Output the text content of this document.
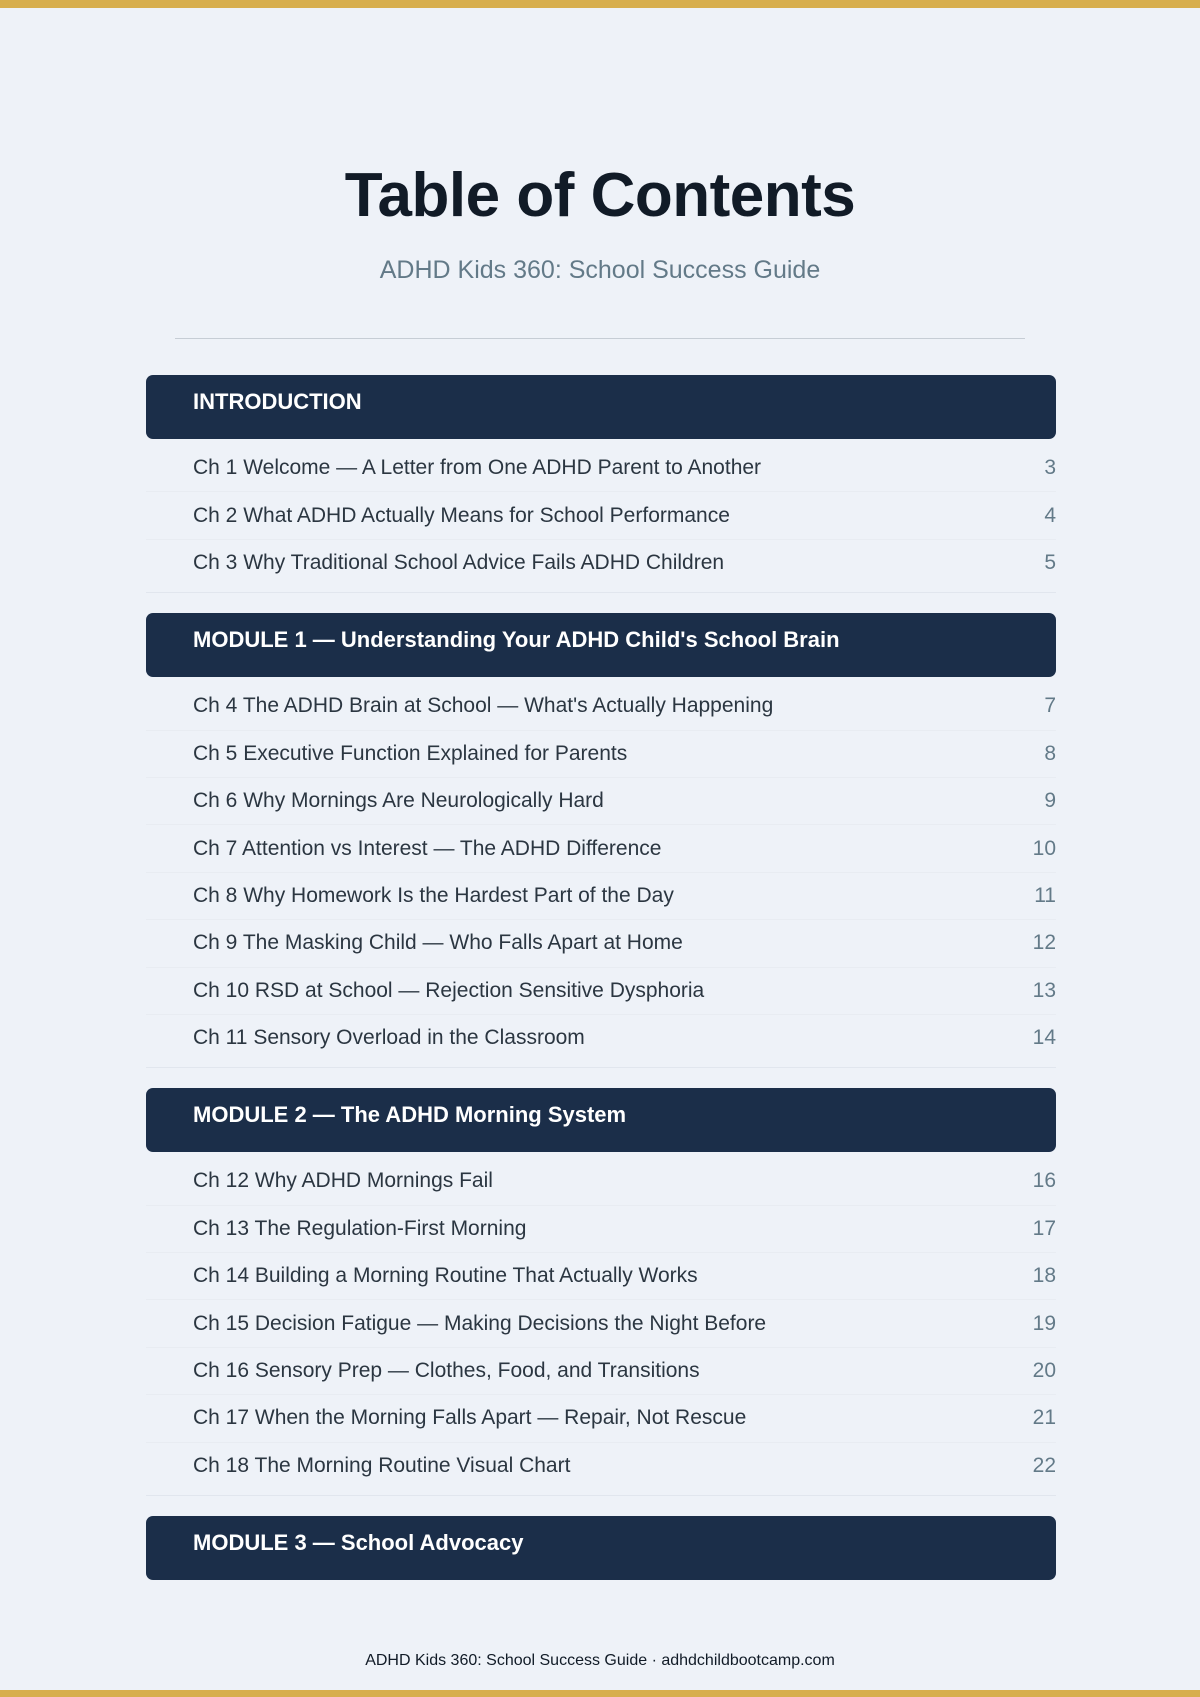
Table of Contents
ADHD Kids 360: School Success Guide
INTRODUCTION
Ch 1 Welcome — A Letter from One ADHD Parent to Another	3
Ch 2 What ADHD Actually Means for School Performance	4
Ch 3 Why Traditional School Advice Fails ADHD Children	5
MODULE 1 — Understanding Your ADHD Child's School Brain
Ch 4 The ADHD Brain at School — What's Actually Happening	7
Ch 5 Executive Function Explained for Parents	8
Ch 6 Why Mornings Are Neurologically Hard	9
Ch 7 Attention vs Interest — The ADHD Difference	10
Ch 8 Why Homework Is the Hardest Part of the Day	11
Ch 9 The Masking Child — Who Falls Apart at Home	12
Ch 10 RSD at School — Rejection Sensitive Dysphoria	13
Ch 11 Sensory Overload in the Classroom	14
MODULE 2 — The ADHD Morning System
Ch 12 Why ADHD Mornings Fail	16
Ch 13 The Regulation-First Morning	17
Ch 14 Building a Morning Routine That Actually Works	18
Ch 15 Decision Fatigue — Making Decisions the Night Before	19
Ch 16 Sensory Prep — Clothes, Food, and Transitions	20
Ch 17 When the Morning Falls Apart — Repair, Not Rescue	21
Ch 18 The Morning Routine Visual Chart	22
MODULE 3 — School Advocacy
ADHD Kids 360: School Success Guide · adhdchildbootcamp.com
